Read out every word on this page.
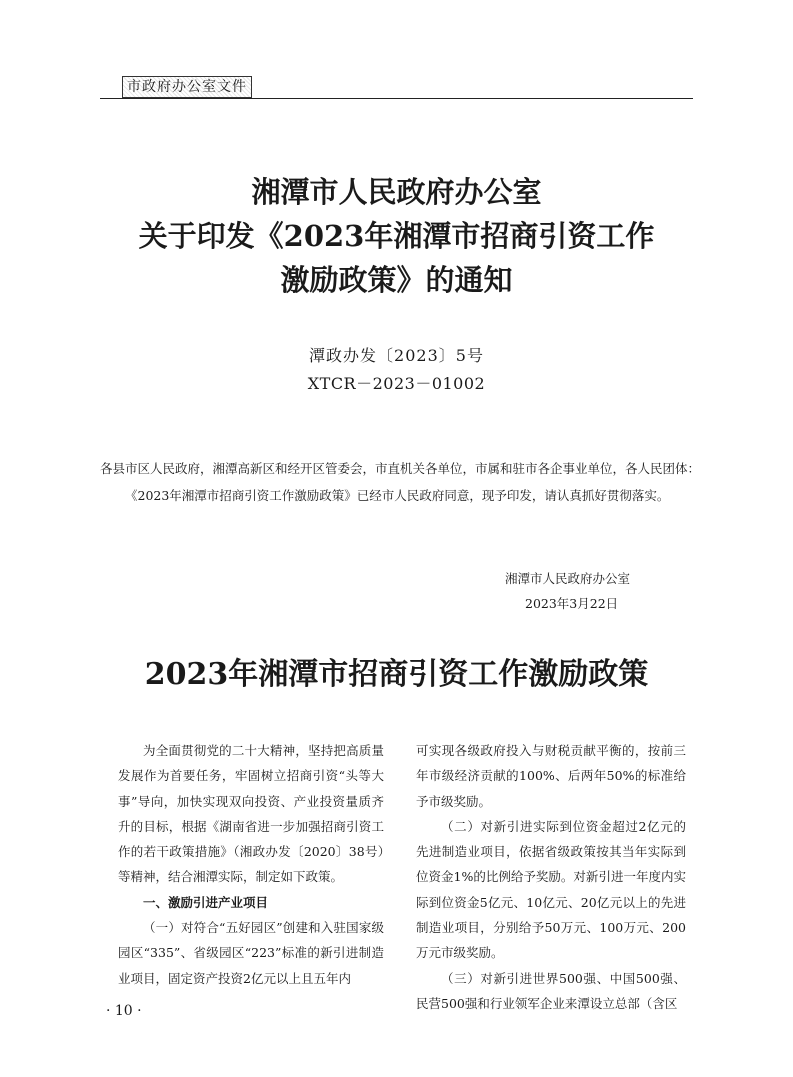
市政府办公室文件
湘潭市人民政府办公室
关于印发《2023年湘潭市招商引资工作
激励政策》的通知
潭政办发〔2023〕5号
XTCR－2023－01002

各县市区人民政府，湘潭高新区和经开区管委会，市直机关各单位，市属和驻市各企事业单位，各人民团体：

《2023年湘潭市招商引资工作激励政策》已经市人民政府同意，现予印发，请认真抓好贯彻落实。

湘潭市人民政府办公室
2023年3月22日
2023年湘潭市招商引资工作激励政策

为全面贯彻党的二十大精神，坚持把高质量发展作为首要任务，牢固树立招商引资“头等大事”导向，加快实现双向投资、产业投资量质齐升的目标，根据《湖南省进一步加强招商引资工作的若干政策措施》（湘政办发〔2020〕38号）等精神，结合湘潭实际，制定如下政策。

一、激励引进产业项目

（一）对符合“五好园区”创建和入驻国家级园区“335”、省级园区“223”标准的新引进制造业项目，固定资产投资2亿元以上且五年内

可实现各级政府投入与财税贡献平衡的，按前三年市级经济贡献的100%、后两年50%的标准给予市级奖励。

（二）对新引进实际到位资金超过2亿元的先进制造业项目，依据省级政策按其当年实际到位资金1%的比例给予奖励。对新引进一年度内实际到位资金5亿元、10亿元、20亿元以上的先进制造业项目，分别给予50万元、100万元、200万元市级奖励。

（三）对新引进世界500强、中国500强、民营500强和行业领军企业来潭设立总部（含区

· 10 ·
